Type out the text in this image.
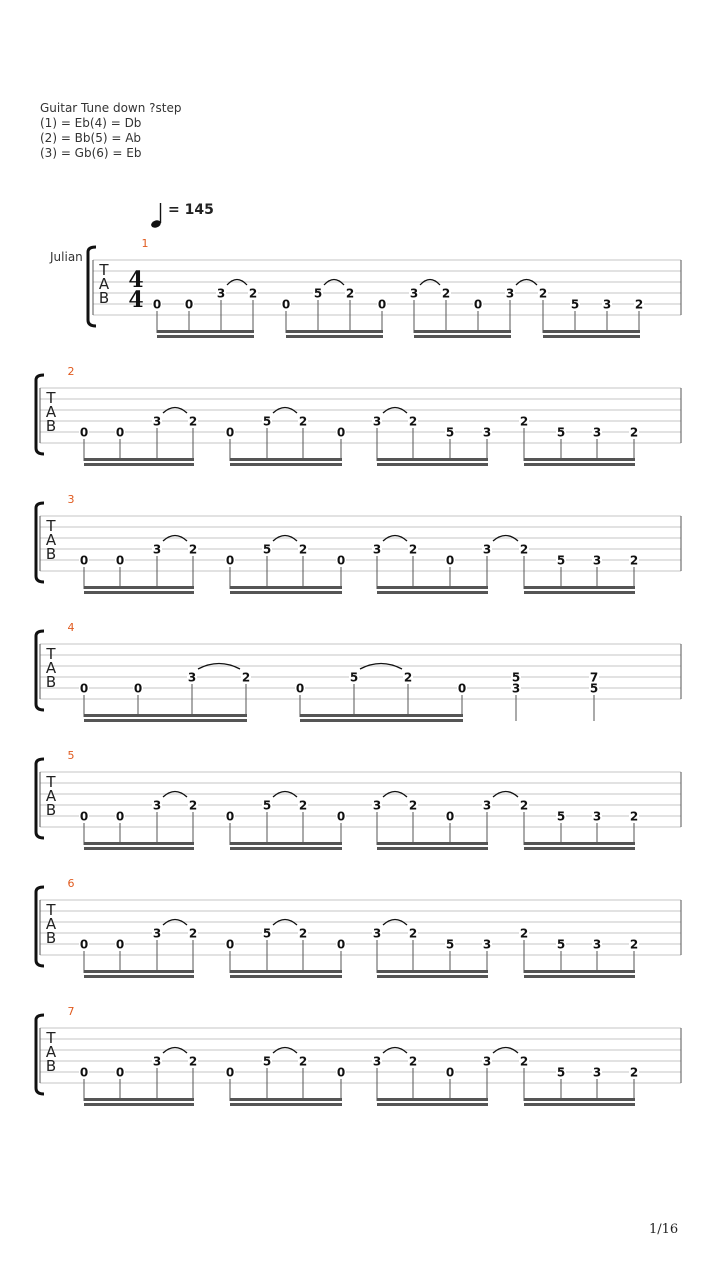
Guitar Tune down ?step
(1) = Eb(4) = Db
(2) = Bb(5) = Ab
(3) = Gb(6) = Eb
= 145
Julian
T
A
B
1
4
4 0 0
3 2
0
5 2
0
3 2
0
3 2
5 3 2
T
A
B
2
0 0
3 2
0
5 2
0
3 2
5 3
2
5 3 2
T
A
B
3
0 0
3 2
0
5 2
0
3 2
0
3 2
5 3 2
T
A
B
4
0	0
3	2
0
5	2
0
5
3
7
5
T
A
B
5
0 0
3 2
0
5 2
0
3 2
0
3 2
5 3 2
T
A
B
6
0 0
3 2
0
5 2
0
3 2
5 3
2
5 3 2
T
A
B
7
0 0
3 2
0
5 2
0
3 2
0
3 2
5 3 2
1/16
